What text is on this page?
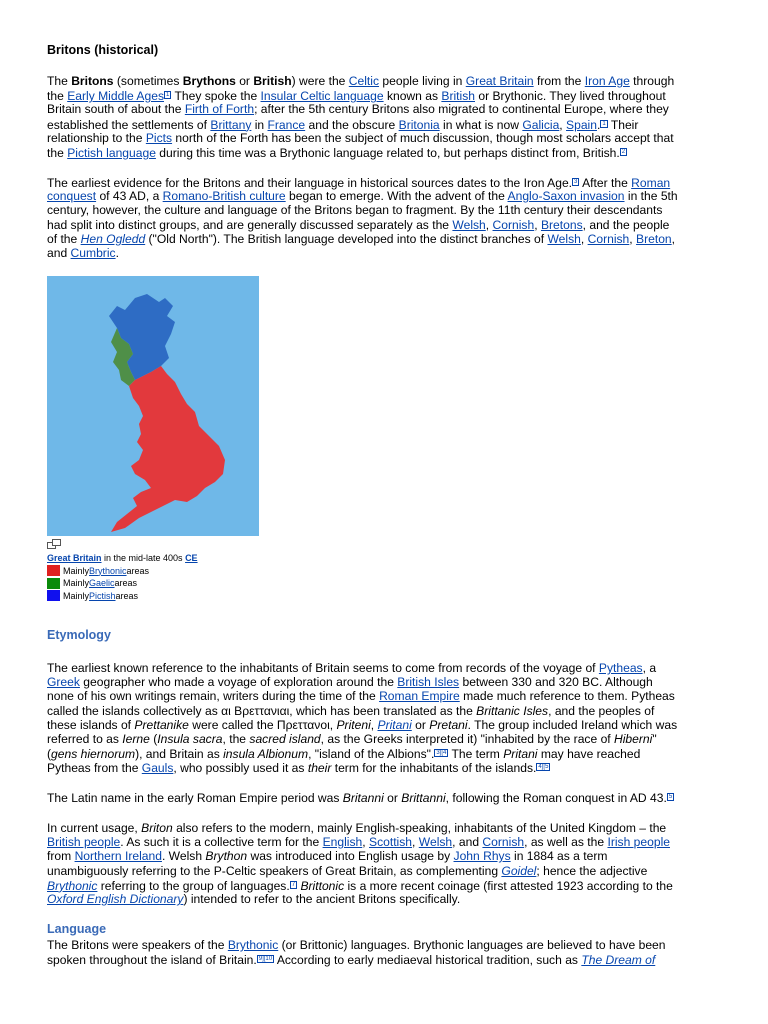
Britons (historical)
The Britons (sometimes Brythons or British) were the Celtic people living in Great Britain from the Iron Age through
the Early Middle Ages $^1$ They spoke the Insular Celtic language known as British or Brythonic. They lived throughout
Britain south of about the Firth of Forth; after the 5th century Britons also migrated to continental Europe, where they
established the settlements of Brittany in France and the obscure Britonia in what is now Galicia, Spain. $^1$ Their
relationship to the Picts north of the Forth has been the subject of much discussion, though most scholars accept that
the Pictish language during this time was a Brythonic language related to, but perhaps distinct from, British. $^2$
The earliest evidence for the Britons and their language in historical sources dates to the Iron Age. $^3$ After the Roman
conquest of 43 AD, a Romano-British culture began to emerge. With the advent of the Anglo-Saxon invasion in the 5th
century, however, the culture and language of the Britons began to fragment. By the 11th century their descendants
had split into distinct groups, and are generally discussed separately as the Welsh, Cornish, Bretons, and the people
of the Hen Ogledd ("Old North"). The British language developed into the distinct branches of Welsh, Cornish, Breton,
and Cumbric.
Great Britain in the mid-late 400s CE
Mainly Brythonic areas
Mainly Gaelic areas
Mainly Pictish areas
Etymology
The earliest known reference to the inhabitants of Britain seems to come from records of the voyage of Pytheas, a
Greek geographer who made a voyage of exploration around the British Isles between 330 and 320 BC. Although
none of his own writings remain, writers during the time of the Roman Empire made much reference to them. Pytheas
called the islands collectively as αι Βρεττανιαι, which has been translated as the Brittanic Isles, and the peoples of
these islands of Prettanike were called the Πρεττανοι, Priteni, Pritani or Pretani. The group included Ireland which was
referred to as Ierne (Insula sacra, the sacred island, as the Greeks interpreted it) "inhabited by the race of Hiberni"
(gens hiernorum), and Britain as insula Albionum, "island of the Albions". $^{3][4}$ The term Pritani may have reached
Pytheas from the Gauls, who possibly used it as their term for the inhabitants of the islands. $^{4][5}$
The Latin name in the early Roman Empire period was Britanni or Brittanni, following the Roman conquest in AD 43. $^5$
In current usage, Briton also refers to the modern, mainly English-speaking, inhabitants of the United Kingdom – the
British people. As such it is a collective term for the English, Scottish, Welsh, and Cornish, as well as the Irish people
from Northern Ireland. Welsh Brython was introduced into English usage by John Rhys in 1884 as a term
unambiguously referring to the P-Celtic speakers of Great Britain, as complementing Goidel; hence the adjective
Brythonic referring to the group of languages. $^7$ Brittonic is a more recent coinage (first attested 1923 according to the
Oxford English Dictionary) intended to refer to the ancient Britons specifically.
Language
The Britons were speakers of the Brythonic (or Brittonic) languages. Brythonic languages are believed to have been
spoken throughout the island of Britain. $^{9][10}$ According to early mediaeval historical tradition, such as The Dream of
